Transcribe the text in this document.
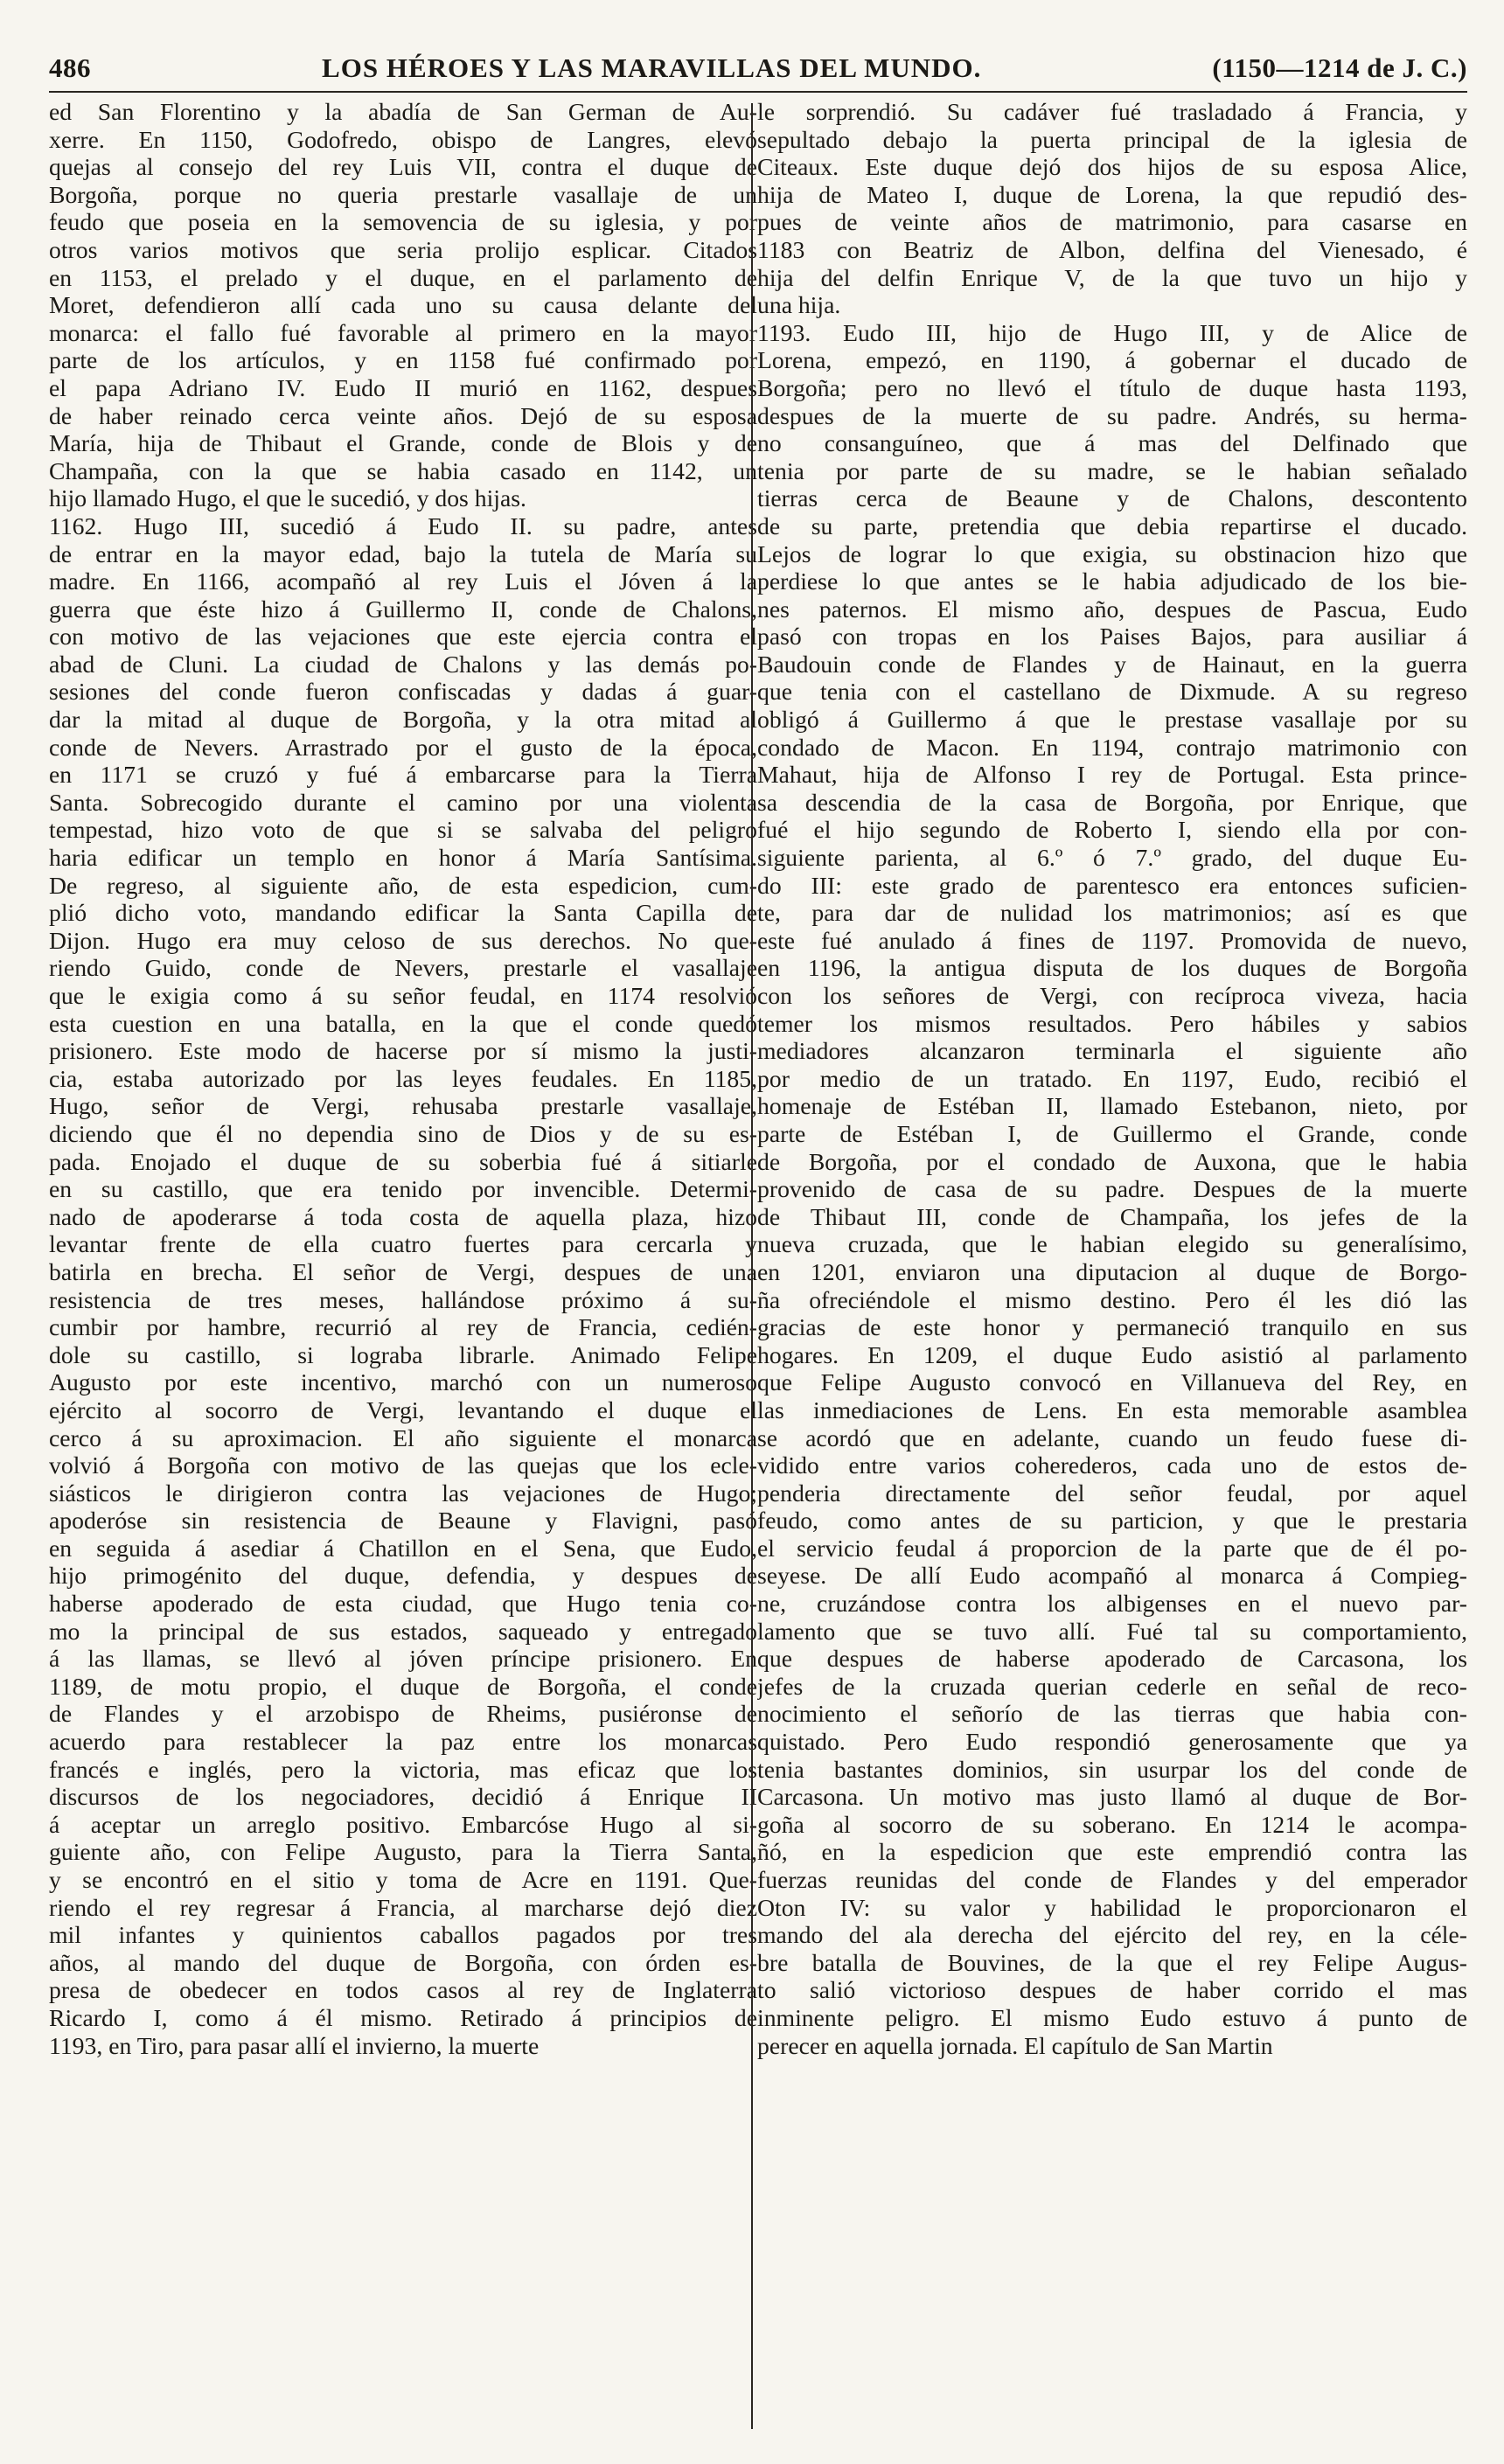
486	LOS HÉROES Y LAS MARAVILLAS DEL MUNDO.	(1150—1214 de J. C.)
ed San Florentino y la abadía de San German de Au-
xerre. En 1150, Godofredo, obispo de Langres, elevó
quejas al consejo del rey Luis VII, contra el duque de
Borgoña, porque no queria prestarle vasallaje de un
feudo que poseia en la semovencia de su iglesia, y por
otros varios motivos que seria prolijo esplicar. Citados
en 1153, el prelado y el duque, en el parlamento de
Moret, defendieron allí cada uno su causa delante del
monarca: el fallo fué favorable al primero en la mayor
parte de los artículos, y en 1158 fué confirmado por
el papa Adriano IV. Eudo II murió en 1162, despues
de haber reinado cerca veinte años. Dejó de su esposa
María, hija de Thibaut el Grande, conde de Blois y de
Champaña, con la que se habia casado en 1142, un
hijo llamado Hugo, el que le sucedió, y dos hijas.
1162. Hugo III, sucedió á Eudo II. su padre, antes
de entrar en la mayor edad, bajo la tutela de María su
madre. En 1166, acompañó al rey Luis el Jóven á la
guerra que éste hizo á Guillermo II, conde de Chalons,
con motivo de las vejaciones que este ejercia contra el
abad de Cluni. La ciudad de Chalons y las demás po-
sesiones del conde fueron confiscadas y dadas á guar-
dar la mitad al duque de Borgoña, y la otra mitad al
conde de Nevers. Arrastrado por el gusto de la época,
en 1171 se cruzó y fué á embarcarse para la Tierra
Santa. Sobrecogido durante el camino por una violenta
tempestad, hizo voto de que si se salvaba del peligro
haria edificar un templo en honor á María Santísima.
De regreso, al siguiente año, de esta espedicion, cum-
plió dicho voto, mandando edificar la Santa Capilla de
Dijon. Hugo era muy celoso de sus derechos. No que-
riendo Guido, conde de Nevers, prestarle el vasallaje
que le exigia como á su señor feudal, en 1174 resolvió
esta cuestion en una batalla, en la que el conde quedó
prisionero. Este modo de hacerse por sí mismo la justi-
cia, estaba autorizado por las leyes feudales. En 1185,
Hugo, señor de Vergi, rehusaba prestarle vasallaje,
diciendo que él no dependia sino de Dios y de su es-
pada. Enojado el duque de su soberbia fué á sitiarle
en su castillo, que era tenido por invencible. Determi-
nado de apoderarse á toda costa de aquella plaza, hizo
levantar frente de ella cuatro fuertes para cercarla y
batirla en brecha. El señor de Vergi, despues de una
resistencia de tres meses, hallándose próximo á su-
cumbir por hambre, recurrió al rey de Francia, cedién-
dole su castillo, si lograba librarle. Animado Felipe
Augusto por este incentivo, marchó con un numeroso
ejército al socorro de Vergi, levantando el duque el
cerco á su aproximacion. El año siguiente el monarca
volvió á Borgoña con motivo de las quejas que los ecle-
siásticos le dirigieron contra las vejaciones de Hugo;
apoderóse sin resistencia de Beaune y Flavigni, pasó
en seguida á asediar á Chatillon en el Sena, que Eudo,
hijo primogénito del duque, defendia, y despues de
haberse apoderado de esta ciudad, que Hugo tenia co-
mo la principal de sus estados, saqueado y entregado
á las llamas, se llevó al jóven príncipe prisionero. En
1189, de motu propio, el duque de Borgoña, el conde
de Flandes y el arzobispo de Rheims, pusiéronse de
acuerdo para restablecer la paz entre los monarcas
francés e inglés, pero la victoria, mas eficaz que los
discursos de los negociadores, decidió á Enrique II
á aceptar un arreglo positivo. Embarcóse Hugo al si-
guiente año, con Felipe Augusto, para la Tierra Santa,
y se encontró en el sitio y toma de Acre en 1191. Que-
riendo el rey regresar á Francia, al marcharse dejó diez
mil infantes y quinientos caballos pagados por tres
años, al mando del duque de Borgoña, con órden es-
presa de obedecer en todos casos al rey de Inglaterra
Ricardo I, como á él mismo. Retirado á principios de
1193, en Tiro, para pasar allí el invierno, la muerte
le sorprendió. Su cadáver fué trasladado á Francia, y
sepultado debajo la puerta principal de la iglesia de
Citeaux. Este duque dejó dos hijos de su esposa Alice,
hija de Mateo I, duque de Lorena, la que repudió des-
pues de veinte años de matrimonio, para casarse en
1183 con Beatriz de Albon, delfina del Vienesado, é
hija del delfin Enrique V, de la que tuvo un hijo y
una hija.
1193. Eudo III, hijo de Hugo III, y de Alice de
Lorena, empezó, en 1190, á gobernar el ducado de
Borgoña; pero no llevó el título de duque hasta 1193,
despues de la muerte de su padre. Andrés, su herma-
no consanguíneo, que á mas del Delfinado que
tenia por parte de su madre, se le habian señalado
tierras cerca de Beaune y de Chalons, descontento
de su parte, pretendia que debia repartirse el ducado.
Lejos de lograr lo que exigia, su obstinacion hizo que
perdiese lo que antes se le habia adjudicado de los bie-
nes paternos. El mismo año, despues de Pascua, Eudo
pasó con tropas en los Paises Bajos, para ausiliar á
Baudouin conde de Flandes y de Hainaut, en la guerra
que tenia con el castellano de Dixmude. A su regreso
obligó á Guillermo á que le prestase vasallaje por su
condado de Macon. En 1194, contrajo matrimonio con
Mahaut, hija de Alfonso I rey de Portugal. Esta prince-
sa descendia de la casa de Borgoña, por Enrique, que
fué el hijo segundo de Roberto I, siendo ella por con-
siguiente parienta, al 6.º ó 7.º grado, del duque Eu-
do III: este grado de parentesco era entonces suficien-
te, para dar de nulidad los matrimonios; así es que
este fué anulado á fines de 1197. Promovida de nuevo,
en 1196, la antigua disputa de los duques de Borgoña
con los señores de Vergi, con recíproca viveza, hacia
temer los mismos resultados. Pero hábiles y sabios
mediadores alcanzaron terminarla el siguiente año
por medio de un tratado. En 1197, Eudo, recibió el
homenaje de Estéban II, llamado Estebanon, nieto, por
parte de Estéban I, de Guillermo el Grande, conde
de Borgoña, por el condado de Auxona, que le habia
provenido de casa de su padre. Despues de la muerte
de Thibaut III, conde de Champaña, los jefes de la
nueva cruzada, que le habian elegido su generalísimo,
en 1201, enviaron una diputacion al duque de Borgo-
ña ofreciéndole el mismo destino. Pero él les dió las
gracias de este honor y permaneció tranquilo en sus
hogares. En 1209, el duque Eudo asistió al parlamento
que Felipe Augusto convocó en Villanueva del Rey, en
las inmediaciones de Lens. En esta memorable asamblea
se acordó que en adelante, cuando un feudo fuese di-
vidido entre varios coherederos, cada uno de estos de-
penderia directamente del señor feudal, por aquel
feudo, como antes de su particion, y que le prestaria
el servicio feudal á proporcion de la parte que de él po-
seyese. De allí Eudo acompañó al monarca á Compieg-
ne, cruzándose contra los albigenses en el nuevo par-
lamento que se tuvo allí. Fué tal su comportamiento,
que despues de haberse apoderado de Carcasona, los
jefes de la cruzada querian cederle en señal de reco-
nocimiento el señorío de las tierras que habia con-
quistado. Pero Eudo respondió generosamente que ya
tenia bastantes dominios, sin usurpar los del conde de
Carcasona. Un motivo mas justo llamó al duque de Bor-
goña al socorro de su soberano. En 1214 le acompa-
ñó, en la espedicion que este emprendió contra las
fuerzas reunidas del conde de Flandes y del emperador
Oton IV: su valor y habilidad le proporcionaron el
mando del ala derecha del ejército del rey, en la céle-
bre batalla de Bouvines, de la que el rey Felipe Augus-
to salió victorioso despues de haber corrido el mas
inminente peligro. El mismo Eudo estuvo á punto de
perecer en aquella jornada. El capítulo de San Martin
